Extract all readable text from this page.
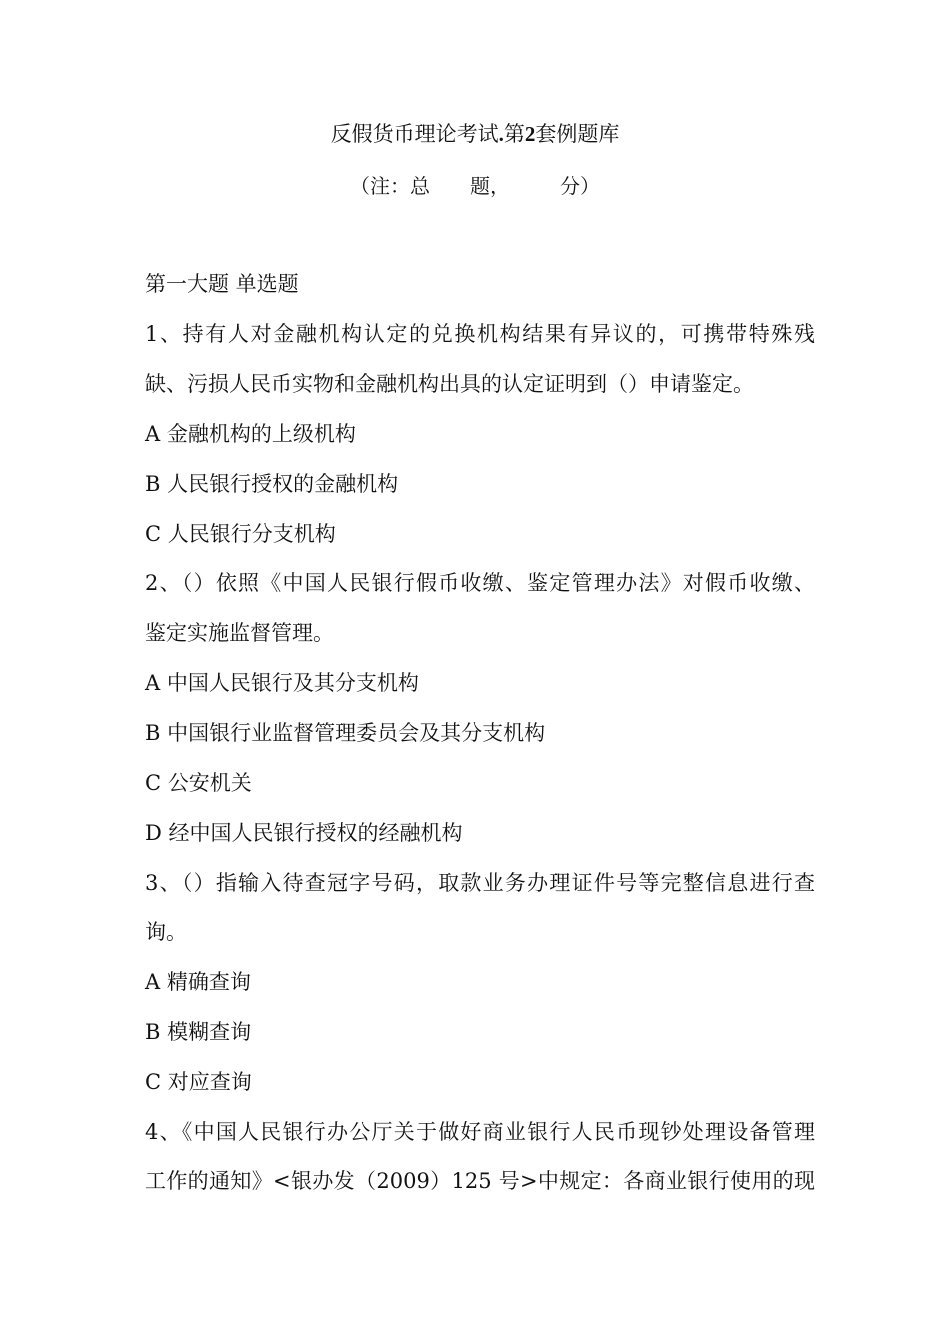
反假货币理论考试.第2套例题库
（注：总　　题，　　　分）
第一大题 单选题
1、持有人对金融机构认定的兑换机构结果有异议的，可携带特殊残
缺、污损人民币实物和金融机构出具的认定证明到（）申请鉴定。
A 金融机构的上级机构
B 人民银行授权的金融机构
C 人民银行分支机构
2、（）依照《中国人民银行假币收缴、鉴定管理办法》对假币收缴、
鉴定实施监督管理。
A 中国人民银行及其分支机构
B 中国银行业监督管理委员会及其分支机构
C 公安机关
D 经中国人民银行授权的经融机构
3、（）指输入待查冠字号码，取款业务办理证件号等完整信息进行查
询。
A 精确查询
B 模糊查询
C 对应查询
4、《中国人民银行办公厅关于做好商业银行人民币现钞处理设备管理
工作的通知》<银办发（2009）125 号>中规定：各商业银行使用的现
